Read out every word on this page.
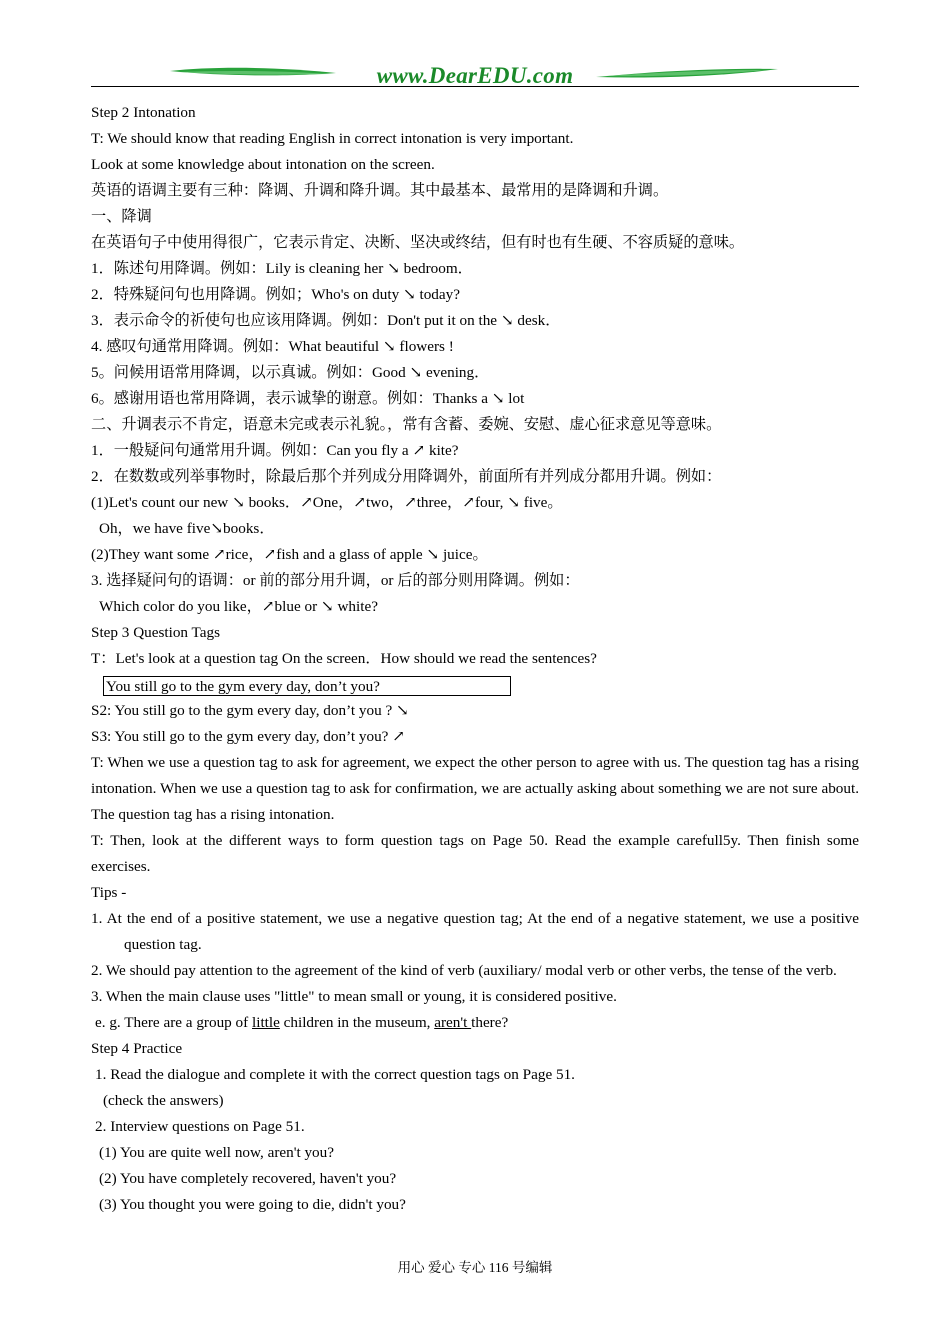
www.DearEDU.com
Step 2 Intonation
T: We should know that reading English in correct intonation is very important.
Look at some knowledge about intonation on the screen.
英语的语调主要有三种：降调、升调和降升调。其中最基本、最常用的是降调和升调。
一、降调
在英语句子中使用得很广，它表示肯定、决断、坚决或终结，但有时也有生硬、不容质疑的意味。
1．陈述句用降调。例如：Lily is cleaning her ↘ bedroom．
2．特殊疑问句也用降调。例如；Who's on duty ↘ today?
3．表示命令的祈使句也应该用降调。例如：Don't put it on the ↘ desk．
4. 感叹句通常用降调。例如：What beautiful ↘ flowers !
5。问候用语常用降调，以示真诚。例如：Good ↘ evening．
6。感谢用语也常用降调，表示诚挚的谢意。例如：Thanks a ↘ lot
二、升调表示不肯定，语意未完或表示礼貌。，常有含蓄、委婉、安慰、虚心征求意见等意味。
1．一般疑问句通常用升调。例如：Can you fly a ↗ kite?
2．在数数或列举事物时，除最后那个并列成分用降调外，前面所有并列成分都用升调。例如：
(1)Let's count our new ↘ books．↗One，↗two，↗three，↗four, ↘ five。
Oh，we have five↘books．
(2)They want some ↗rice，↗fish and a glass of apple ↘ juice。
3. 选择疑问句的语调：or 前的部分用升调，or 后的部分则用降调。例如：
Which color do you like，↗blue or ↘ white?
Step 3 Question Tags
T：Let's look at a question tag On the screen．How should we read the sentences?
You still go to the gym every day, don’t you?
S2: You still go to the gym every day, don’t you ? ↘
S3: You still go to the gym every day, don’t you? ↗
T: When we use a question tag to ask for agreement, we expect the other person to agree with us. The question tag has a rising intonation. When we use a question tag to ask for confirmation, we are actually asking about something we are not sure about. The question tag has a rising intonation.
T: Then, look at the different ways to form question tags on Page 50. Read the example carefull5y. Then finish some exercises.
Tips -
1. At the end of a positive statement, we use a negative question tag; At the end of a negative statement, we use a positive question tag.
2. We should pay attention to the agreement of the kind of verb (auxiliary/ modal verb or other verbs, the tense of the verb.
3. When the main clause uses "little" to mean small or young, it is considered positive.
e. g. There are a group of little children in the museum, aren't there?
Step 4 Practice
1. Read the dialogue and complete it with the correct question tags on Page 51.
(check the answers)
2. Interview questions on Page 51.
(1) You are quite well now, aren't you?
(2) You have completely recovered, haven't you?
(3) You thought you were going to die, didn't you?
用心 爱心 专心 116 号编辑
